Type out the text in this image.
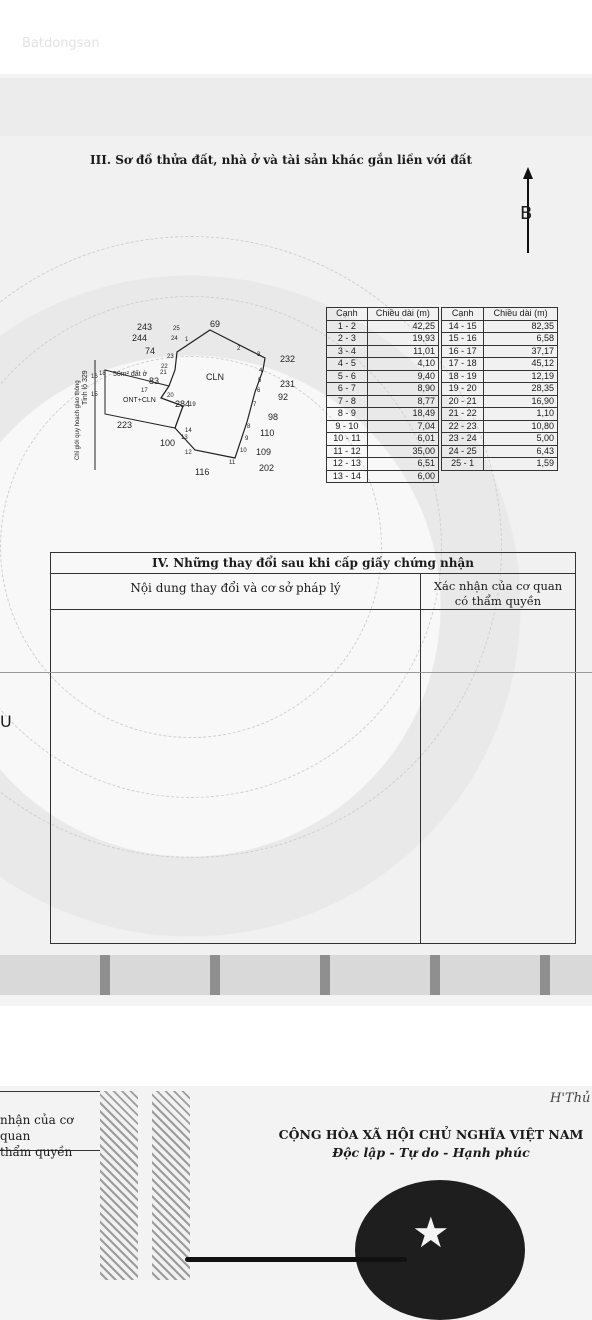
Batdongsan
III. Sơ đồ thửa đất, nhà ở và tài sản khác gắn liền với đất
B
69
243
244
74
83
284
223
100
116	202
109
110
98
92
231
232
CLN
50m² đất ở
ONT+CLN
Tỉnh lộ 329
Chỉ giới quy hoạch giao thông
1
2
3
4
5
6
7
8
9
10
11
12
13
14
15
16
17
18
19
20
21
22
23
24
25
Cạnh	Chiều dài (m)
1 - 2	42,25
2 - 3	19,93
3 - 4	11,01
4 - 5	4,10
5 - 6	9,40
6 - 7	8,90
7 - 8	8,77
8 - 9	18,49
9 - 10	7,04
10 - 11	6,01
11 - 12	35,00
12 - 13	6,51
13 - 14	6,00
Cạnh	Chiều dài (m)
14 - 15	82,35
15 - 16	6,58
16 - 17	37,17
17 - 18	45,12
18 - 19	12,19
19 - 20	28,35
20 - 21	16,90
21 - 22	1,10
22 - 23	10,80
23 - 24	5,00
24 - 25	6,43
25 - 1	1,59
IV. Những thay đổi sau khi cấp giấy chứng nhận
Nội dung thay đổi và cơ sở pháp lý	Xác nhận của cơ quan
có thẩm quyền
U
nhận của cơ quan
thẩm quyền
H'Thủ
CỘNG HÒA XÃ HỘI CHỦ NGHĨA VIỆT NAM
Độc lập - Tự do - Hạnh phúc
★
